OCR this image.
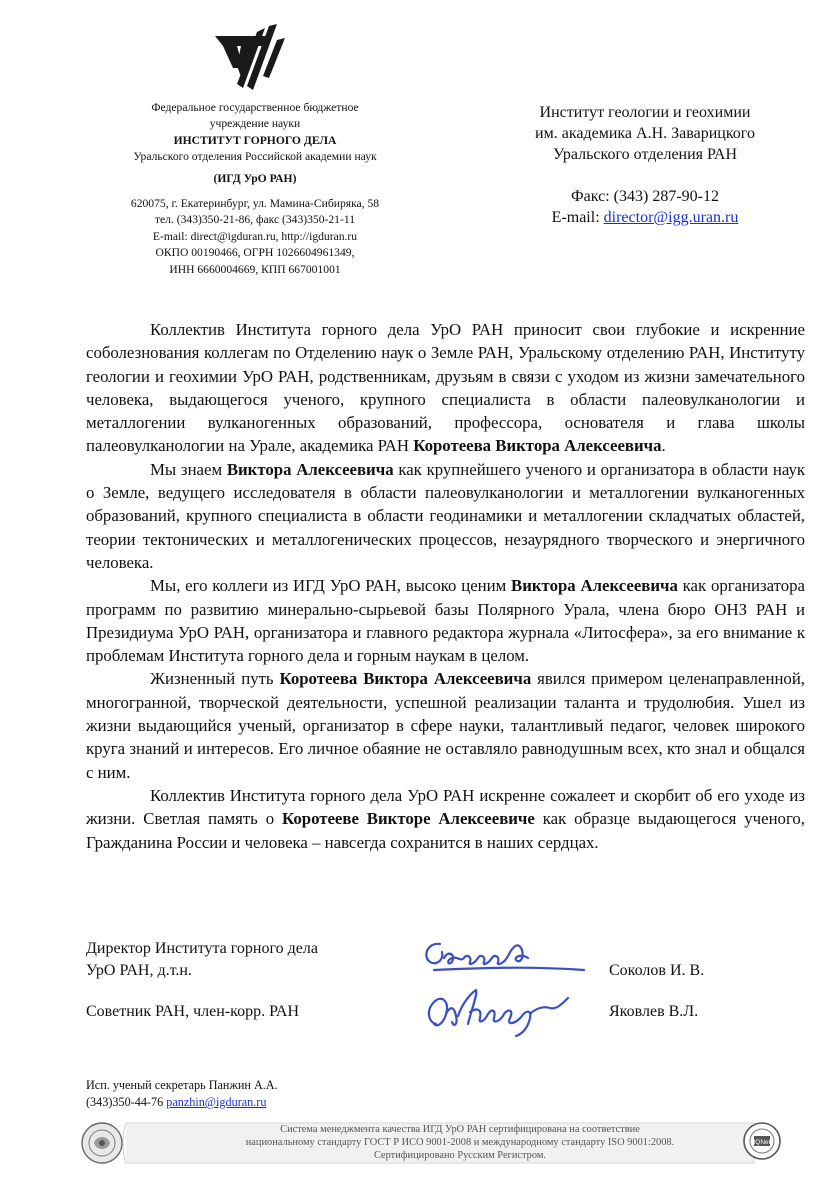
Федеральное государственное бюджетное
учреждение науки
ИНСТИТУТ ГОРНОГО ДЕЛА
Уральского отделения Российской академии наук
(ИГД УрО РАН)
620075, г. Екатеринбург, ул. Мамина-Сибиряка, 58
тел. (343)350-21-86, факс (343)350-21-11
E-mail: direct@igduran.ru, http://igduran.ru
ОКПО 00190466, ОГРН 1026604961349,
ИНН 6660004669, КПП 667001001
Институт геологии и геохимии
им. академика А.Н. Заварицкого
Уральского отделения РАН
Факс: (343) 287-90-12
E-mail: director@igg.uran.ru

Коллектив Института горного дела УрО РАН приносит свои глубокие и искренние соболезнования коллегам по Отделению наук о Земле РАН, Уральскому отделению РАН, Институту геологии и геохимии УрО РАН, родственникам, друзьям в связи с уходом из жизни замечательного человека, выдающегося ученого, крупного специалиста в области палеовулканологии и металлогении вулканогенных образований, профессора, основателя и глава школы палеовулканологии на Урале, академика РАН Коротеева Виктора Алексеевича.

Мы знаем Виктора Алексеевича как крупнейшего ученого и организатора в области наук о Земле, ведущего исследователя в области палеовулканологии и металлогении вулканогенных образований, крупного специалиста в области геодинамики и металлогении складчатых областей, теории тектонических и металлогенических процессов, незаурядного творческого и энергичного человека.

Мы, его коллеги из ИГД УрО РАН, высоко ценим Виктора Алексеевича как организатора программ по развитию минерально-сырьевой базы Полярного Урала, члена бюро ОНЗ РАН и Президиума УрО РАН, организатора и главного редактора журнала «Литосфера», за его внимание к проблемам Института горного дела и горным наукам в целом.

Жизненный путь Коротеева Виктора Алексеевича явился примером целенаправленной, многогранной, творческой деятельности, успешной реализации таланта и трудолюбия. Ушел из жизни выдающийся ученый, организатор в сфере науки, талантливый педагог, человек широкого круга знаний и интересов. Его личное обаяние не оставляло равнодушным всех, кто знал и общался с ним.

Коллектив Института горного дела УрО РАН искренне сожалеет и скорбит об его уходе из жизни. Светлая память о Коротееве Викторе Алексеевиче как образце выдающегося ученого, Гражданина России и человека – навсегда сохранится в наших сердцах.

Директор Института горного дела
УрО РАН, д.т.н.	Соколов И. В.
Советник РАН, член-корр. РАН	Яковлев В.Л.
Исп. ученый секретарь Панжин А.А.
(343)350-44-76 panzhin@igduran.ru
IQNet
Система менеджмента качества ИГД УрО РАН сертифицирована на соответствие
национальному стандарту ГОСТ Р ИСО 9001-2008 и международному стандарту ISO 9001:2008.
Сертифицировано Русским Регистром.
